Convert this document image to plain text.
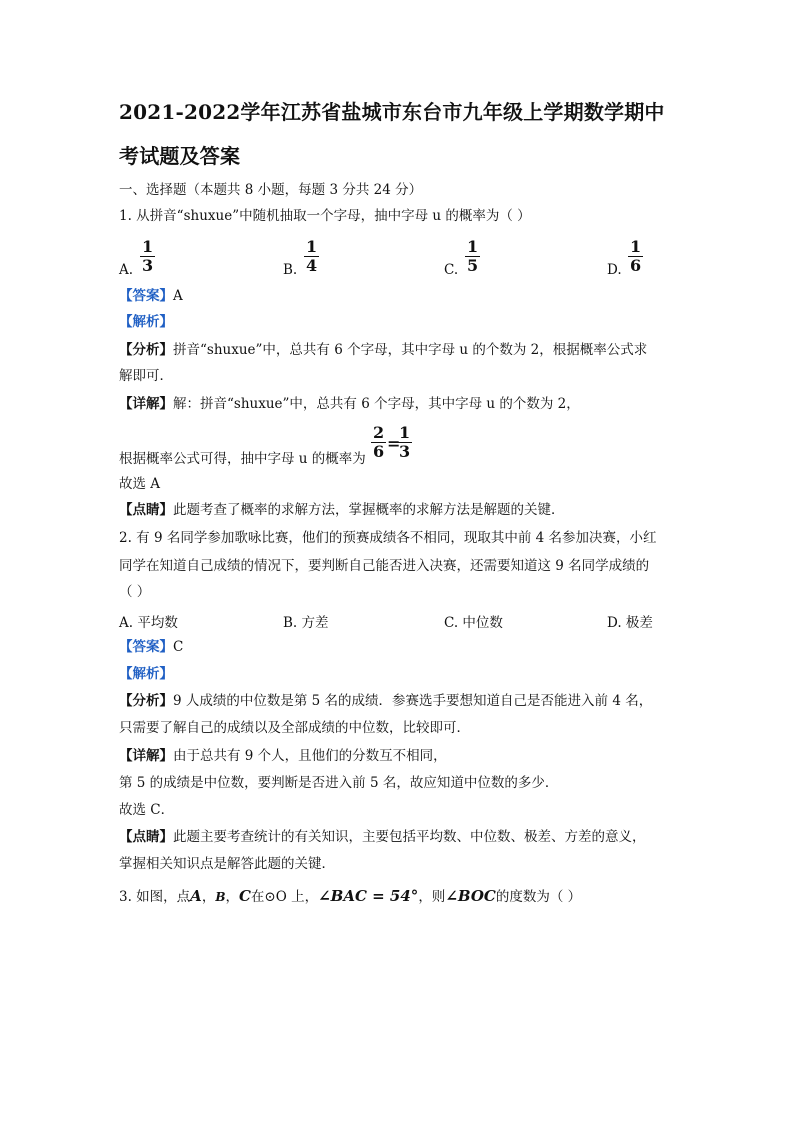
2021-2022学年江苏省盐城市东台市九年级上学期数学期中
考试题及答案
一、选择题（本题共 8 小题，每题 3 分共 24 分）
1. 从拼音“shuxue”中随机抽取一个字母，抽中字母 u 的概率为（ ）
A. $\frac{1}{3}$	B. $\frac{1}{4}$	C. $\frac{1}{5}$	D. $\frac{1}{6}$
【答案】A
【解析】
【分析】拼音“shuxue”中，总共有 6 个字母，其中字母 u 的个数为 2，根据概率公式求
解即可．
【详解】解：拼音“shuxue”中，总共有 6 个字母，其中字母 u 的个数为 2，
根据概率公式可得，抽中字母 u 的概率为 $\frac{2}{6}$ =
$\frac{1}{3}$
故选 A
【点睛】此题考查了概率的求解方法，掌握概率的求解方法是解题的关键．
2. 有 9 名同学参加歌咏比赛，他们的预赛成绩各不相同，现取其中前 4 名参加决赛，小红
同学在知道自己成绩的情况下，要判断自己能否进入决赛，还需要知道这 9 名同学成绩的
（ ）
A. 平均数	B. 方差	C. 中位数	D. 极差
【答案】C
【解析】
【分析】9 人成绩的中位数是第 5 名的成绩．参赛选手要想知道自己是否能进入前 4 名，
只需要了解自己的成绩以及全部成绩的中位数，比较即可．
【详解】由于总共有 9 个人，且他们的分数互不相同，
第 5 的成绩是中位数，要判断是否进入前 5 名，故应知道中位数的多少．
故选 C．
【点睛】此题主要考查统计的有关知识，主要包括平均数、中位数、极差、方差的意义，
掌握相关知识点是解答此题的关键．
3. 如图，点A，B，C在⊙O 上，∠BAC = 54°，则∠BOC的度数为（ ）
